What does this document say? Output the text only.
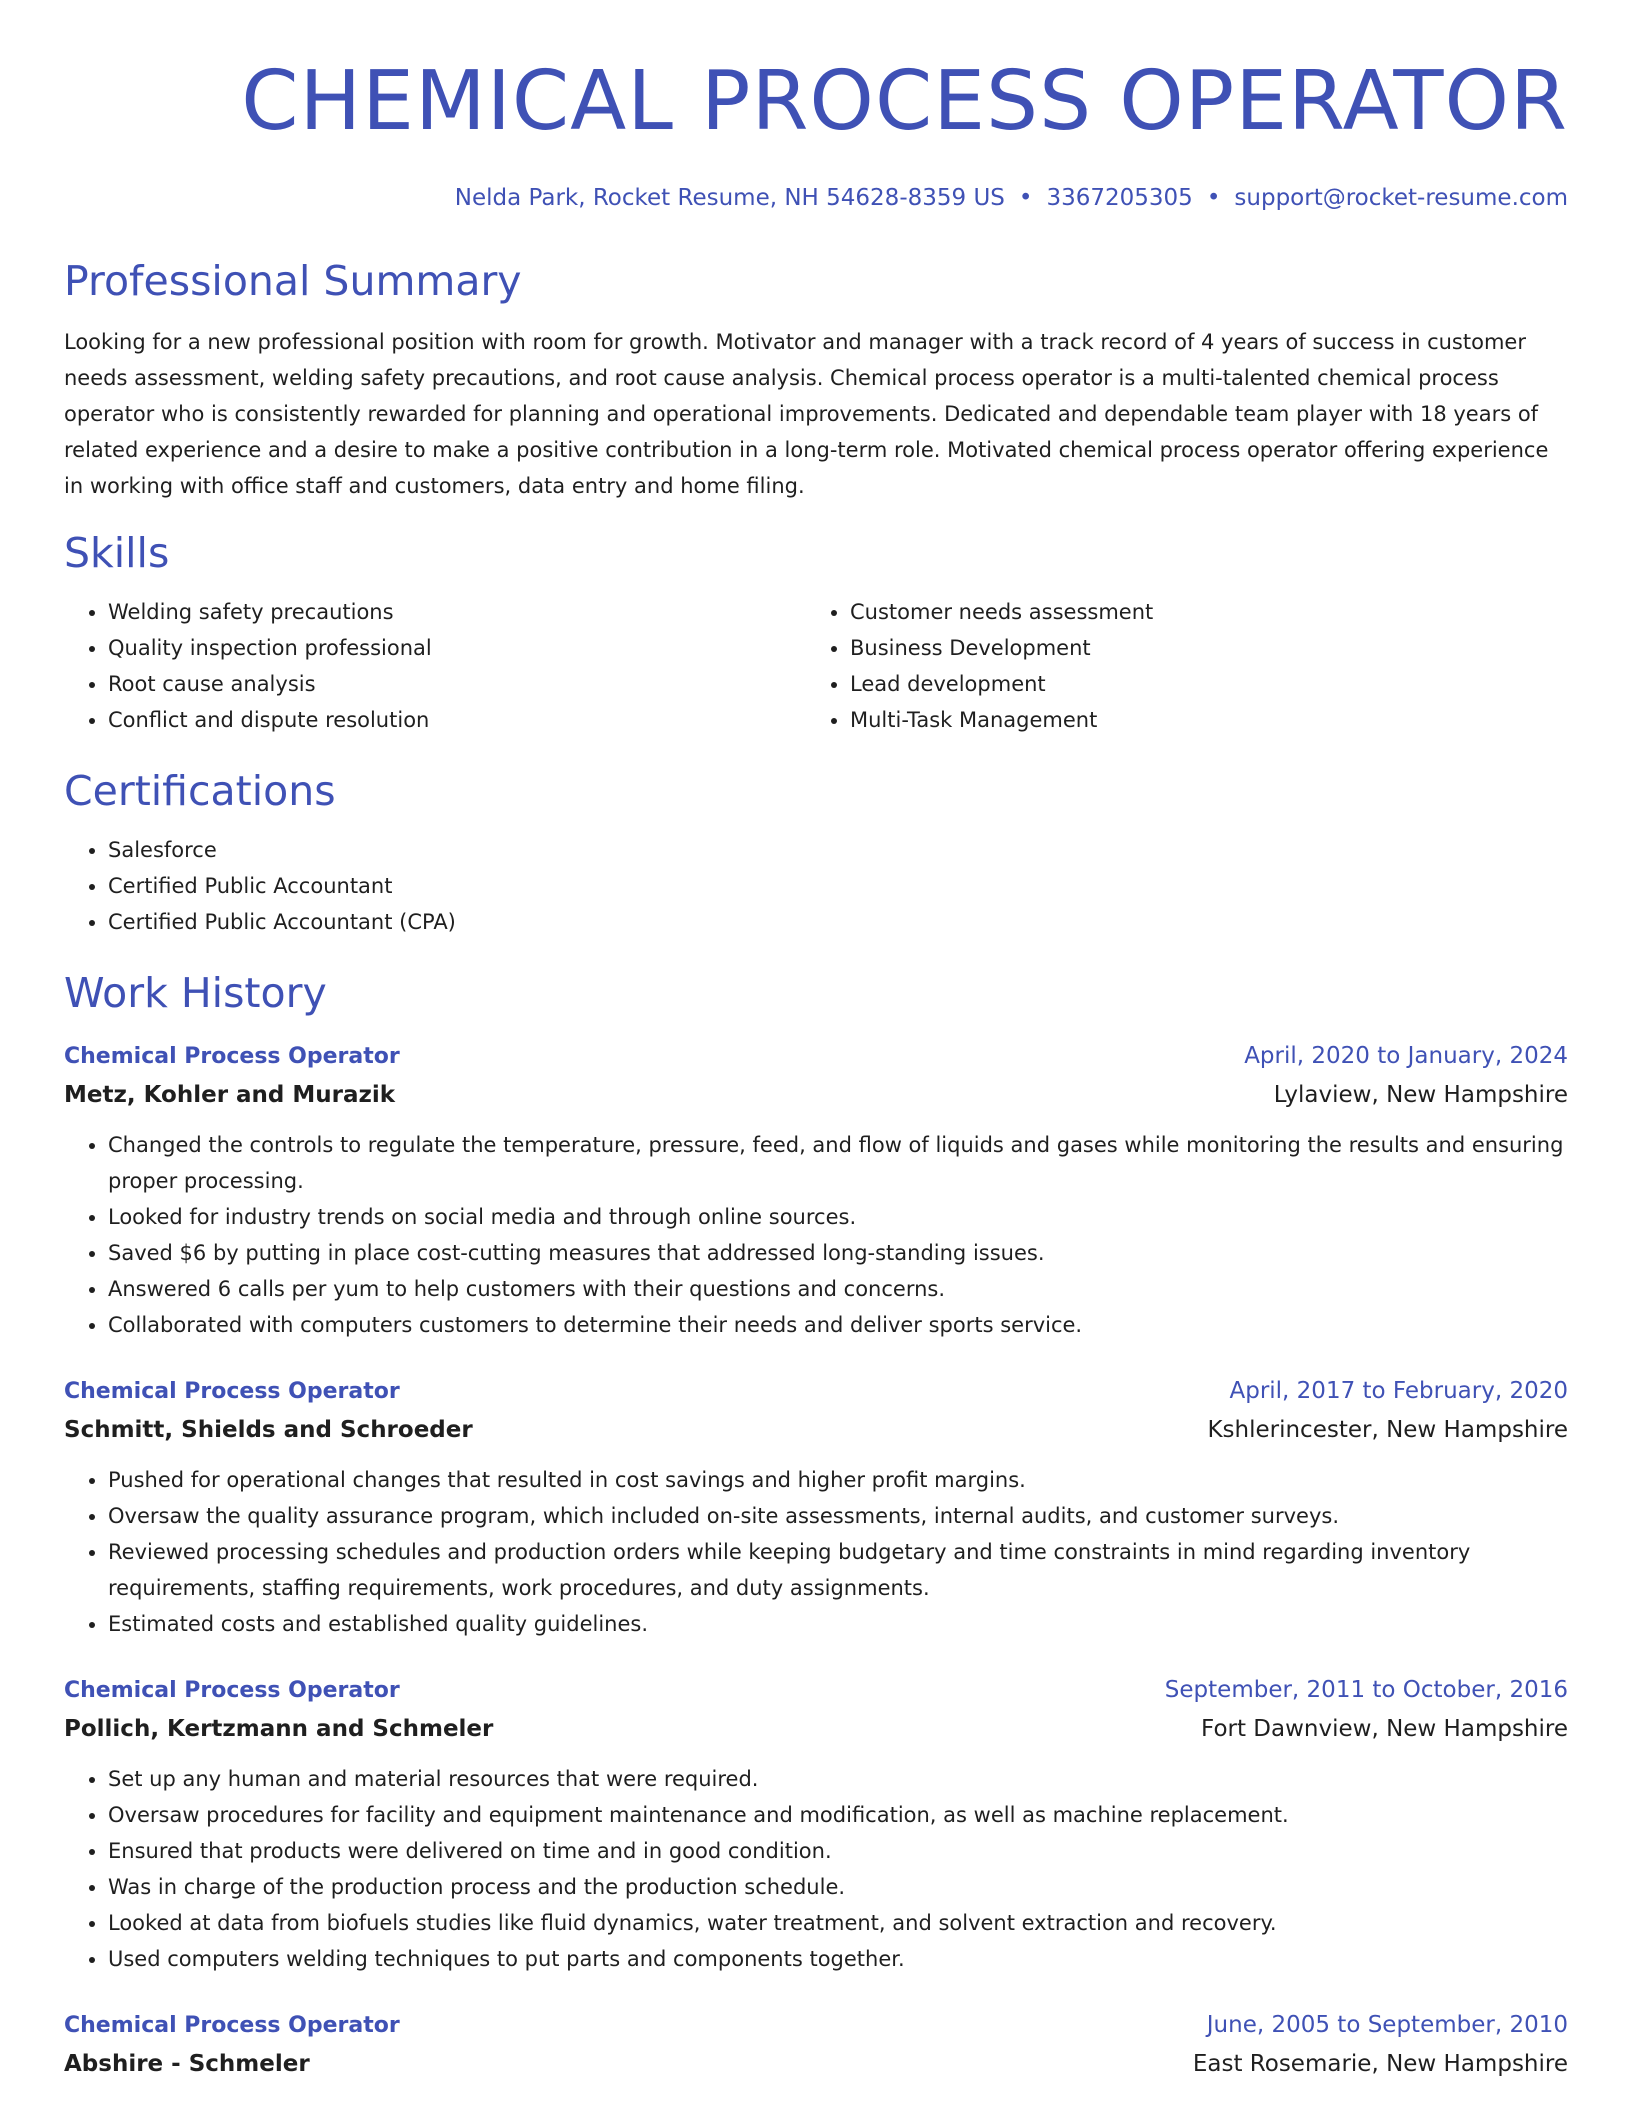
CHEMICAL PROCESS OPERATOR
Nelda Park, Rocket Resume, NH 54628-8359 US • 3367205305 • support@rocket-resume.com
Professional Summary
Looking for a new professional position with room for growth. Motivator and manager with a track record of 4 years of success in customer needs assessment, welding safety precautions, and root cause analysis. Chemical process operator is a multi-talented chemical process operator who is consistently rewarded for planning and operational improvements. Dedicated and dependable team player with 18 years of related experience and a desire to make a positive contribution in a long-term role. Motivated chemical process operator offering experience in working with office staff and customers, data entry and home filing.
Skills
• Welding safety precautions
• Quality inspection professional
• Root cause analysis
• Conflict and dispute resolution
• Customer needs assessment
• Business Development
• Lead development
• Multi-Task Management
Certifications
• Salesforce
• Certified Public Accountant
• Certified Public Accountant (CPA)
Work History
Chemical Process Operator	April, 2020 to January, 2024
Metz, Kohler and Murazik	Lylaview, New Hampshire
• Changed the controls to regulate the temperature, pressure, feed, and flow of liquids and gases while monitoring the results and ensuring proper processing.
• Looked for industry trends on social media and through online sources.
• Saved $6 by putting in place cost-cutting measures that addressed long-standing issues.
• Answered 6 calls per yum to help customers with their questions and concerns.
• Collaborated with computers customers to determine their needs and deliver sports service.
Chemical Process Operator	April, 2017 to February, 2020
Schmitt, Shields and Schroeder	Kshlerincester, New Hampshire
• Pushed for operational changes that resulted in cost savings and higher profit margins.
• Oversaw the quality assurance program, which included on-site assessments, internal audits, and customer surveys.
• Reviewed processing schedules and production orders while keeping budgetary and time constraints in mind regarding inventory requirements, staffing requirements, work procedures, and duty assignments.
• Estimated costs and established quality guidelines.
Chemical Process Operator	September, 2011 to October, 2016
Pollich, Kertzmann and Schmeler	Fort Dawnview, New Hampshire
• Set up any human and material resources that were required.
• Oversaw procedures for facility and equipment maintenance and modification, as well as machine replacement.
• Ensured that products were delivered on time and in good condition.
• Was in charge of the production process and the production schedule.
• Looked at data from biofuels studies like fluid dynamics, water treatment, and solvent extraction and recovery.
• Used computers welding techniques to put parts and components together.
Chemical Process Operator	June, 2005 to September, 2010
Abshire - Schmeler	East Rosemarie, New Hampshire
